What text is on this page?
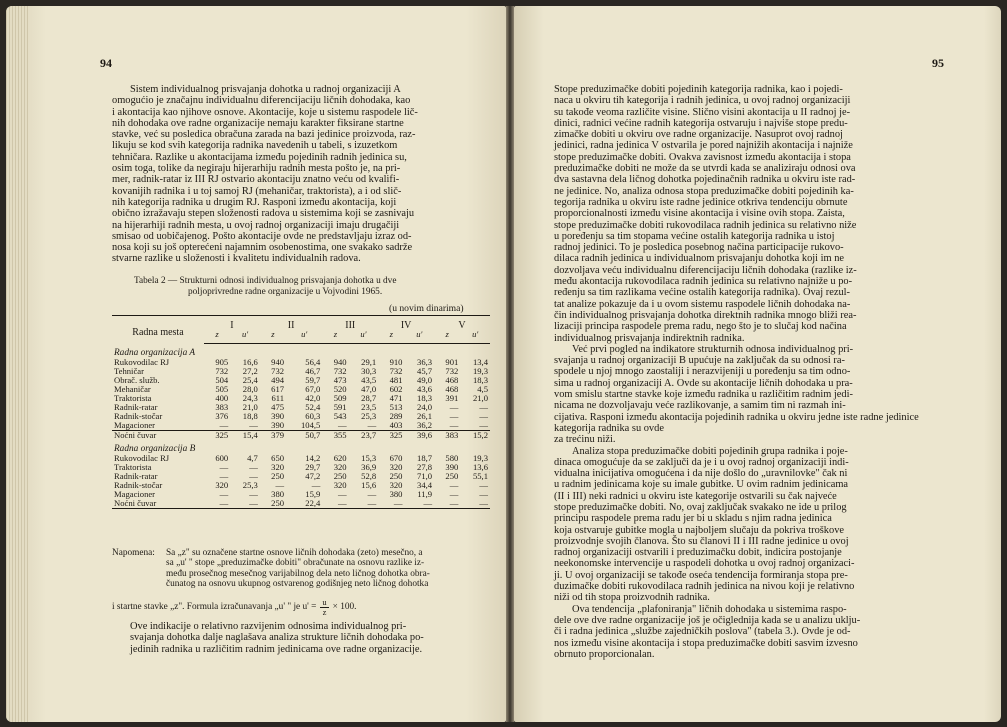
94
Sistem individualnog prisvajanja dohotka u radnoj organizaciji A
omogućio je značajnu individualnu diferencijaciju ličnih dohodaka, kao
i akontacija kao njihove osnove. Akontacije, koje u sistemu raspodele lič-
nih dohodaka ove radne organizacije nemaju karakter fiksirane startne
stavke, već su posledica obračuna zarada na bazi jedinice proizvoda, raz-
likuju se kod svih kategorija radnika navedenih u tabeli, s izuzetkom
tehničara. Razlike u akontacijama između pojedinih radnih jedinica su,
osim toga, tolike da negiraju hijerarhiju radnih mesta pošto je, na pri-
mer, radnik-ratar iz III RJ ostvario akontaciju znatno veću od kvalifi-
kovanijih radnika i u toj samoj RJ (mehaničar, traktorista), a i od slič-
nih kategorija radnika u drugim RJ. Rasponi između akontacija, koji
obično izražavaju stepen složenosti radova u sistemima koji se zasnivaju
na hijerarhiji radnih mesta, u ovoj radnoj organizaciji imaju drugačiji
smisao od uobičajenog. Pošto akontacije ovde ne predstavljaju izraz od-
nosa koji su još opterećeni najamnim osobenostima, one svakako sadrže
stvarne razlike u složenosti i kvalitetu individualnih radova.
Tabela 2 — Strukturni odnosi individualnog prisvajanja dohotka u dve
poljoprivredne radne organizacije u Vojvodini 1965.
(u novim dinarima)
Radna mesta	I		II		III		IV		V	
	z	u'	z	u'	z	u'	z	u'	z	u'
Radna organizacija A										
Rukovodilac RJ	905	16,6	940	56,4	940	29,1	910	36,3	901	13,4
Tehničar	732	27,2	732	46,7	732	30,3	732	45,7	732	19,3
Obrač. služb.	504	25,4	494	59,7	473	43,5	481	49,0	468	18,3
Mehaničar	505	28,0	617	67,0	520	47,0	602	43,6	468	4,5
Traktorista	400	24,3	611	42,0	509	28,7	471	18,3	391	21,0
Radnik-ratar	383	21,0	475	52,4	591	23,5	513	24,0	—	—
Radnik-stočar	376	18,8	390	60,3	543	25,3	289	26,1	—	—
Magacioner	—	—	390	104,5	—	—	403	36,2	—	—
Noćni čuvar	325	15,4	379	50,7	355	23,7	325	39,6	383	15,2
Radna organizacija B										
Rukovodilac RJ	600	4,7	650	14,2	620	15,3	670	18,7	580	19,3
Traktorista	—	—	320	29,7	320	36,9	320	27,8	390	13,6
Radnik-ratar	—	—	250	47,2	250	52,8	250	71,0	250	55,1
Radnik-stočar	320	25,3	—	—	320	15,6	320	34,4	—	—
Magacioner	—	—	380	15,9	—	—	380	11,9	—	—
Noćni čuvar	—	—	250	22,4	—	—	—	—	—	—
Napomena: Sa „z" su označene startne osnove ličnih dohodaka (zeto) mesečno, a
sa „u' " stope „preduzimačke dobiti" obračunate na osnovu razlike iz-
među prosečnog mesečnog varijabilnog dela neto ličnog dohotka obra-
čunatog na osnovu ukupnog ostvarenog godišnjeg neto ličnog dohotka
i startne stavke „z". Formula izračunavanja „u' " je $u' = \frac{u}{z} \times 100$.

Ove indikacije o relativno razvijenim odnosima individualnog pri-
svajanja dohotka dalje naglašava analiza strukture ličnih dohodaka po-
jedinih radnika u različitim radnim jedinicama ove radne organizacije.

95
Stope preduzimačke dobiti pojedinih kategorija radnika, kao i pojedi-
naca u okviru tih kategorija i radnih jedinica, u ovoj radnoj organizaciji
su takođe veoma različite visine. Slično visini akontacija u II radnoj je-
dinici, radnici većine radnih kategorija ostvaruju i najviše stope predu-
zimačke dobiti u okviru ove radne organizacije. Nasuprot ovoj radnoj
jedinici, radna jedinica V ostvarila je pored najnižih akontacija i najniže
stope preduzimačke dobiti. Ovakva zavisnost između akontacija i stopa
preduzimačke dobiti ne može da se utvrdi kada se analiziraju odnosi ova
dva sastavna dela ličnog dohotka pojedinačnih radnika u okviru iste rad-
ne jedinice. No, analiza odnosa stopa preduzimačke dobiti pojedinih ka-
tegorija radnika u okviru iste radne jedinice otkriva tendenciju obrnute
proporcionalnosti između visine akontacija i visine ovih stopa. Zaista,
stope preduzimačke dobiti rukovodilaca radnih jedinica su relativno niže
u poređenju sa tim stopama većine ostalih kategorija radnika u istoj
radnoj jedinici. To je posledica posebnog načina participacije rukovo-
dilaca radnih jedinica u individualnom prisvajanju dohotka koji im ne
dozvoljava veću individualnu diferencijaciju ličnih dohodaka (razlike iz-
među akontacija rukovodilaca radnih jedinica su relativno najniže u po-
ređenju sa tim razlikama većine ostalih kategorija radnika). Ovaj rezul-
tat analize pokazuje da i u ovom sistemu raspodele ličnih dohodaka na-
čin individualnog prisvajanja dohotka direktnih radnika mnogo bliži rea-
lizaciji principa raspodele prema radu, nego što je to slučaj kod načina
individualnog prisvajanja indirektnih radnika.
Već prvi pogled na indikatore strukturnih odnosa individualnog pri-
svajanja u radnoj organizaciji B upućuje na zaključak da su odnosi ra-
spodele u njoj mnogo zaostaliji i nerazvijeniji u poređenju sa tim odno-
sima u radnoj organizaciji A. Ovde su akontacije ličnih dohodaka u pra-
vom smislu startne stavke koje između radnika u različitim radnim jedi-
nicama ne dozvoljavaju veće razlikovanje, a samim tim ni razmah ini-
cijativa. Rasponi između akontacija pojedinih radnika u okviru jedne iste radne jedinice
kategorija radnika su ovde
za trećinu niži.
Analiza stopa preduzimačke dobiti pojedinih grupa radnika i poje-
dinaca omogućuje da se zaključi da je i u ovoj radnoj organizaciji indi-
vidualna inicijativa omogućena i da nije došlo do „uravnilovke" čak ni
u radnim jedinicama koje su imale gubitke. U ovim radnim jedinicama
(II i III) neki radnici u okviru iste kategorije ostvarili su čak najveće
stope preduzimačke dobiti. No, ovaj zaključak svakako ne ide u prilog
principu raspodele prema radu jer bi u skladu s njim radna jedinica
koja ostvaruje gubitke mogla u najboljem slučaju da pokriva troškove
proizvodnje svojih članova. Što su članovi II i III radne jedinice u ovoj
radnoj organizaciji ostvarili i preduzimačku dobit, indicira postojanje
neekonomske intervencije u raspodeli dohotka u ovoj radnoj organizaci-
ji. U ovoj organizaciji se takođe oseća tendencija formiranja stopa pre-
duzimačke dobiti rukovodilaca radnih jedinica na nivou koji je relativno
niži od tih stopa proizvodnih radnika.
Ova tendencija „plafoniranja" ličnih dohodaka u sistemima raspo-
dele ove dve radne organizacije još je očiglednija kada se u analizu uklju-
či i radna jedinica „službe zajedničkih poslova" (tabela 3.). Ovde je od-
nos između visine akontacija i stopa preduzimačke dobiti sasvim izvesno
obrnuto proporcionalan.
